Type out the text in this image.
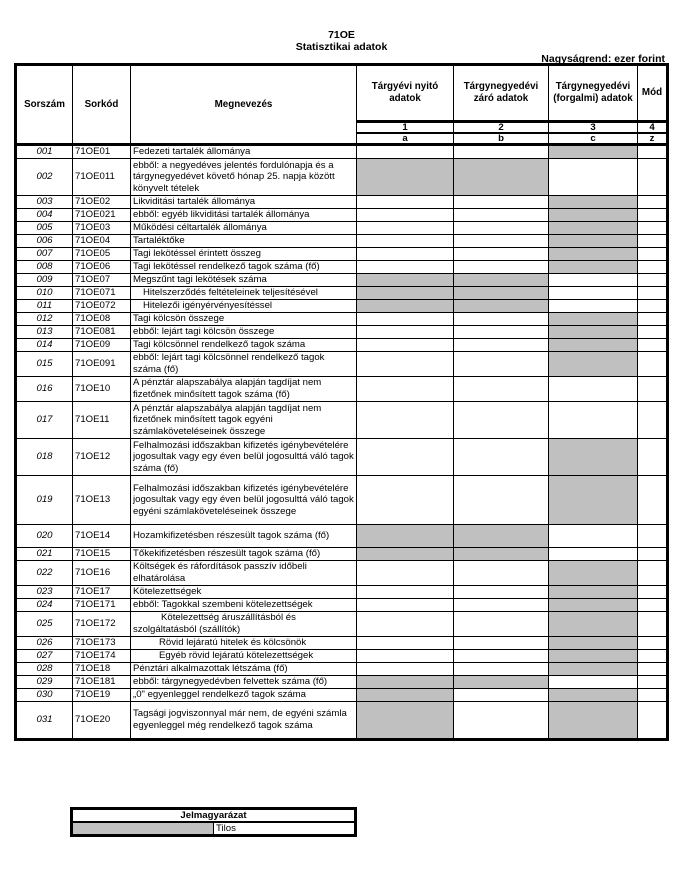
71OE
Statisztikai adatok
Nagyságrend: ezer forint
Sorszám	Sorkód	Megnevezés	Tárgyévi nyitó adatok	Tárgynegyedévi záró adatok	Tárgynegyedévi (forgalmi) adatok	Mód
			1	2	3	4
			a	b	c	z
001	71OE01	Fedezeti tartalék állománya				
002	71OE011	ebből: a negyedéves jelentés fordulónapja és a tárgynegyedévet követő hónap 25. napja között könyvelt tételek				
003	71OE02	Likviditási tartalék állománya				
004	71OE021	ebből: egyéb likviditási tartalék állománya				
005	71OE03	Működési céltartalék állománya				
006	71OE04	Tartaléktőke				
007	71OE05	Tagi lekötéssel érintett összeg				
008	71OE06	Tagi lekötéssel rendelkező tagok száma (fő)				
009	71OE07	Megszűnt tagi lekötések száma				
010	71OE071	Hitelszerződés feltételeinek teljesítésével				
011	71OE072	Hitelezői igényérvényesítéssel				
012	71OE08	Tagi kölcsön összege				
013	71OE081	ebből: lejárt tagi kölcsön összege				
014	71OE09	Tagi kölcsönnel rendelkező tagok száma				
015	71OE091	ebből: lejárt tagi kölcsönnel rendelkező tagok száma (fő)				
016	71OE10	A pénztár alapszabálya alapján tagdíjat nem fizetőnek minősített tagok száma (fő)				
017	71OE11	A pénztár alapszabálya alapján tagdíjat nem fizetőnek minősített tagok egyéni számlaköveteléseinek összege				
018	71OE12	Felhalmozási időszakban kifizetés igénybevételére jogosultak vagy egy éven belül jogosulttá váló tagok száma (fő)				
019	71OE13	Felhalmozási időszakban kifizetés igénybevételére jogosultak vagy egy éven belül jogosulttá váló tagok egyéni számlaköveteléseinek összege				
020	71OE14	Hozamkifizetésben részesült tagok száma (fő)				
021	71OE15	Tőkekifizetésben részesült tagok száma (fő)				
022	71OE16	Költségek és ráfordítások passzív időbeli elhatárolása				
023	71OE17	Kötelezettségek				
024	71OE171	ebből: Tagokkal szembeni kötelezettségek				
025	71OE172	Kötelezettség áruszállításból és szolgáltatásból (szállítók)				
026	71OE173	Rövid lejáratú hitelek és kölcsönök				
027	71OE174	Egyéb rövid lejáratú kötelezettségek				
028	71OE18	Pénztári alkalmazottak létszáma (fő)				
029	71OE181	ebből: tárgynegyedévben felvettek száma (fő)				
030	71OE19	„0" egyenleggel rendelkező tagok száma				
031	71OE20	Tagsági jogviszonnyal már nem, de egyéni számla egyenleggel még rendelkező tagok száma				
Jelmagyarázat
	Tilos
